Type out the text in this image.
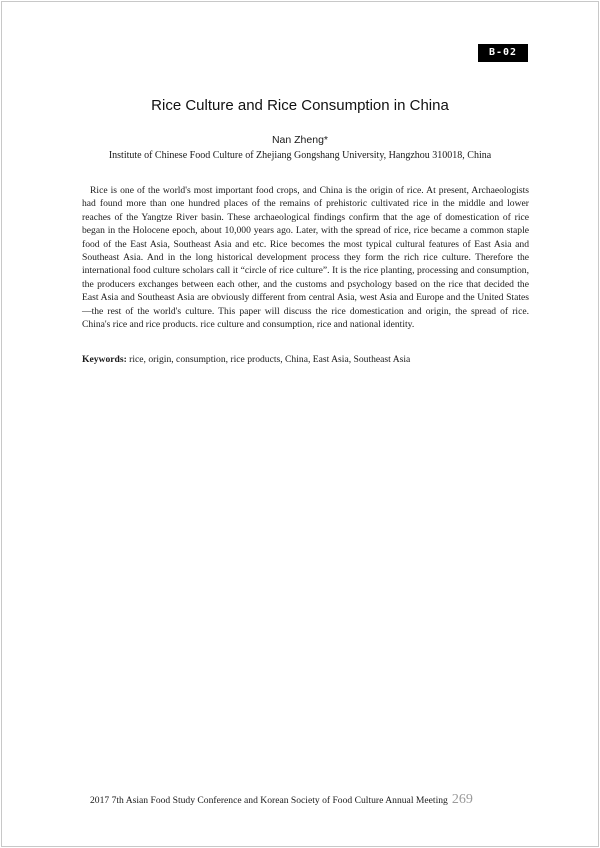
B-02
Rice Culture and Rice Consumption in China
Nan Zheng*
Institute of Chinese Food Culture of Zhejiang Gongshang University, Hangzhou 310018, China

Rice is one of the world's most important food crops, and China is the origin of rice. At present, Archaeologists had found more than one hundred places of the remains of prehistoric cultivated rice in the middle and lower reaches of the Yangtze River basin. These archaeological findings confirm that the age of domestication of rice began in the Holocene epoch, about 10,000 years ago. Later, with the spread of rice, rice became a common staple food of the East Asia, Southeast Asia and etc. Rice becomes the most typical cultural features of East Asia and Southeast Asia. And in the long historical development process they form the rich rice culture. Therefore the international food culture scholars call it “circle of rice culture”. It is the rice planting, processing and consumption, the producers exchanges between each other, and the customs and psychology based on the rice that decided the East Asia and Southeast Asia are obviously different from central Asia, west Asia and Europe and the United States—the rest of the world's culture. This paper will discuss the rice domestication and origin, the spread of rice. China's rice and rice products. rice culture and consumption, rice and national identity.

Keywords: rice, origin, consumption, rice products, China, East Asia, Southeast Asia

2017 7th Asian Food Study Conference and Korean Society of Food Culture Annual Meeting 269
